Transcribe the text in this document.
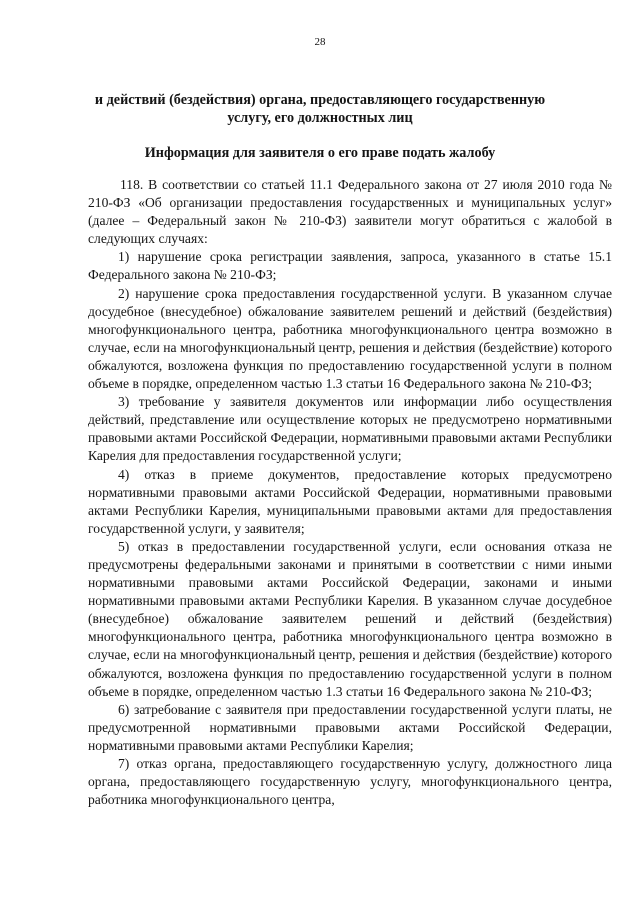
28
и действий (бездействия) органа, предоставляющего государственную
услугу, его должностных лиц
Информация для заявителя о его праве подать жалобу

118. В соответствии со статьей 11.1 Федерального закона от 27 июля 2010 года № 210-ФЗ «Об организации предоставления государственных и муниципальных услуг» (далее – Федеральный закон № 210-ФЗ) заявители могут обратиться с жалобой в следующих случаях:

1) нарушение срока регистрации заявления, запроса, указанного в статье 15.1 Федерального закона № 210-ФЗ;

2) нарушение срока предоставления государственной услуги. В указанном случае досудебное (внесудебное) обжалование заявителем решений и действий (бездействия) многофункционального центра, работника многофункционального центра возможно в случае, если на многофункциональный центр, решения и действия (бездействие) которого обжалуются, возложена функция по предоставлению государственной услуги в полном объеме в порядке, определенном частью 1.3 статьи 16 Федерального закона № 210-ФЗ;

3) требование у заявителя документов или информации либо осуществления действий, представление или осуществление которых не предусмотрено нормативными правовыми актами Российской Федерации, нормативными правовыми актами Республики Карелия для предоставления государственной услуги;

4) отказ в приеме документов, предоставление которых предусмотрено нормативными правовыми актами Российской Федерации, нормативными правовыми актами Республики Карелия, муниципальными правовыми актами для предоставления государственной услуги, у заявителя;

5) отказ в предоставлении государственной услуги, если основания отказа не предусмотрены федеральными законами и принятыми в соответствии с ними иными нормативными правовыми актами Российской Федерации, законами и иными нормативными правовыми актами Республики Карелия. В указанном случае досудебное (внесудебное) обжалование заявителем решений и действий (бездействия) многофункционального центра, работника многофункционального центра возможно в случае, если на многофункциональный центр, решения и действия (бездействие) которого обжалуются, возложена функция по предоставлению государственной услуги в полном объеме в порядке, определенном частью 1.3 статьи 16 Федерального закона № 210-ФЗ;

6) затребование с заявителя при предоставлении государственной услуги платы, не предусмотренной нормативными правовыми актами Российской Федерации, нормативными правовыми актами Республики Карелия;

7) отказ органа, предоставляющего государственную услугу, должностного лица органа, предоставляющего государственную услугу, многофункционального центра, работника многофункционального центра,
